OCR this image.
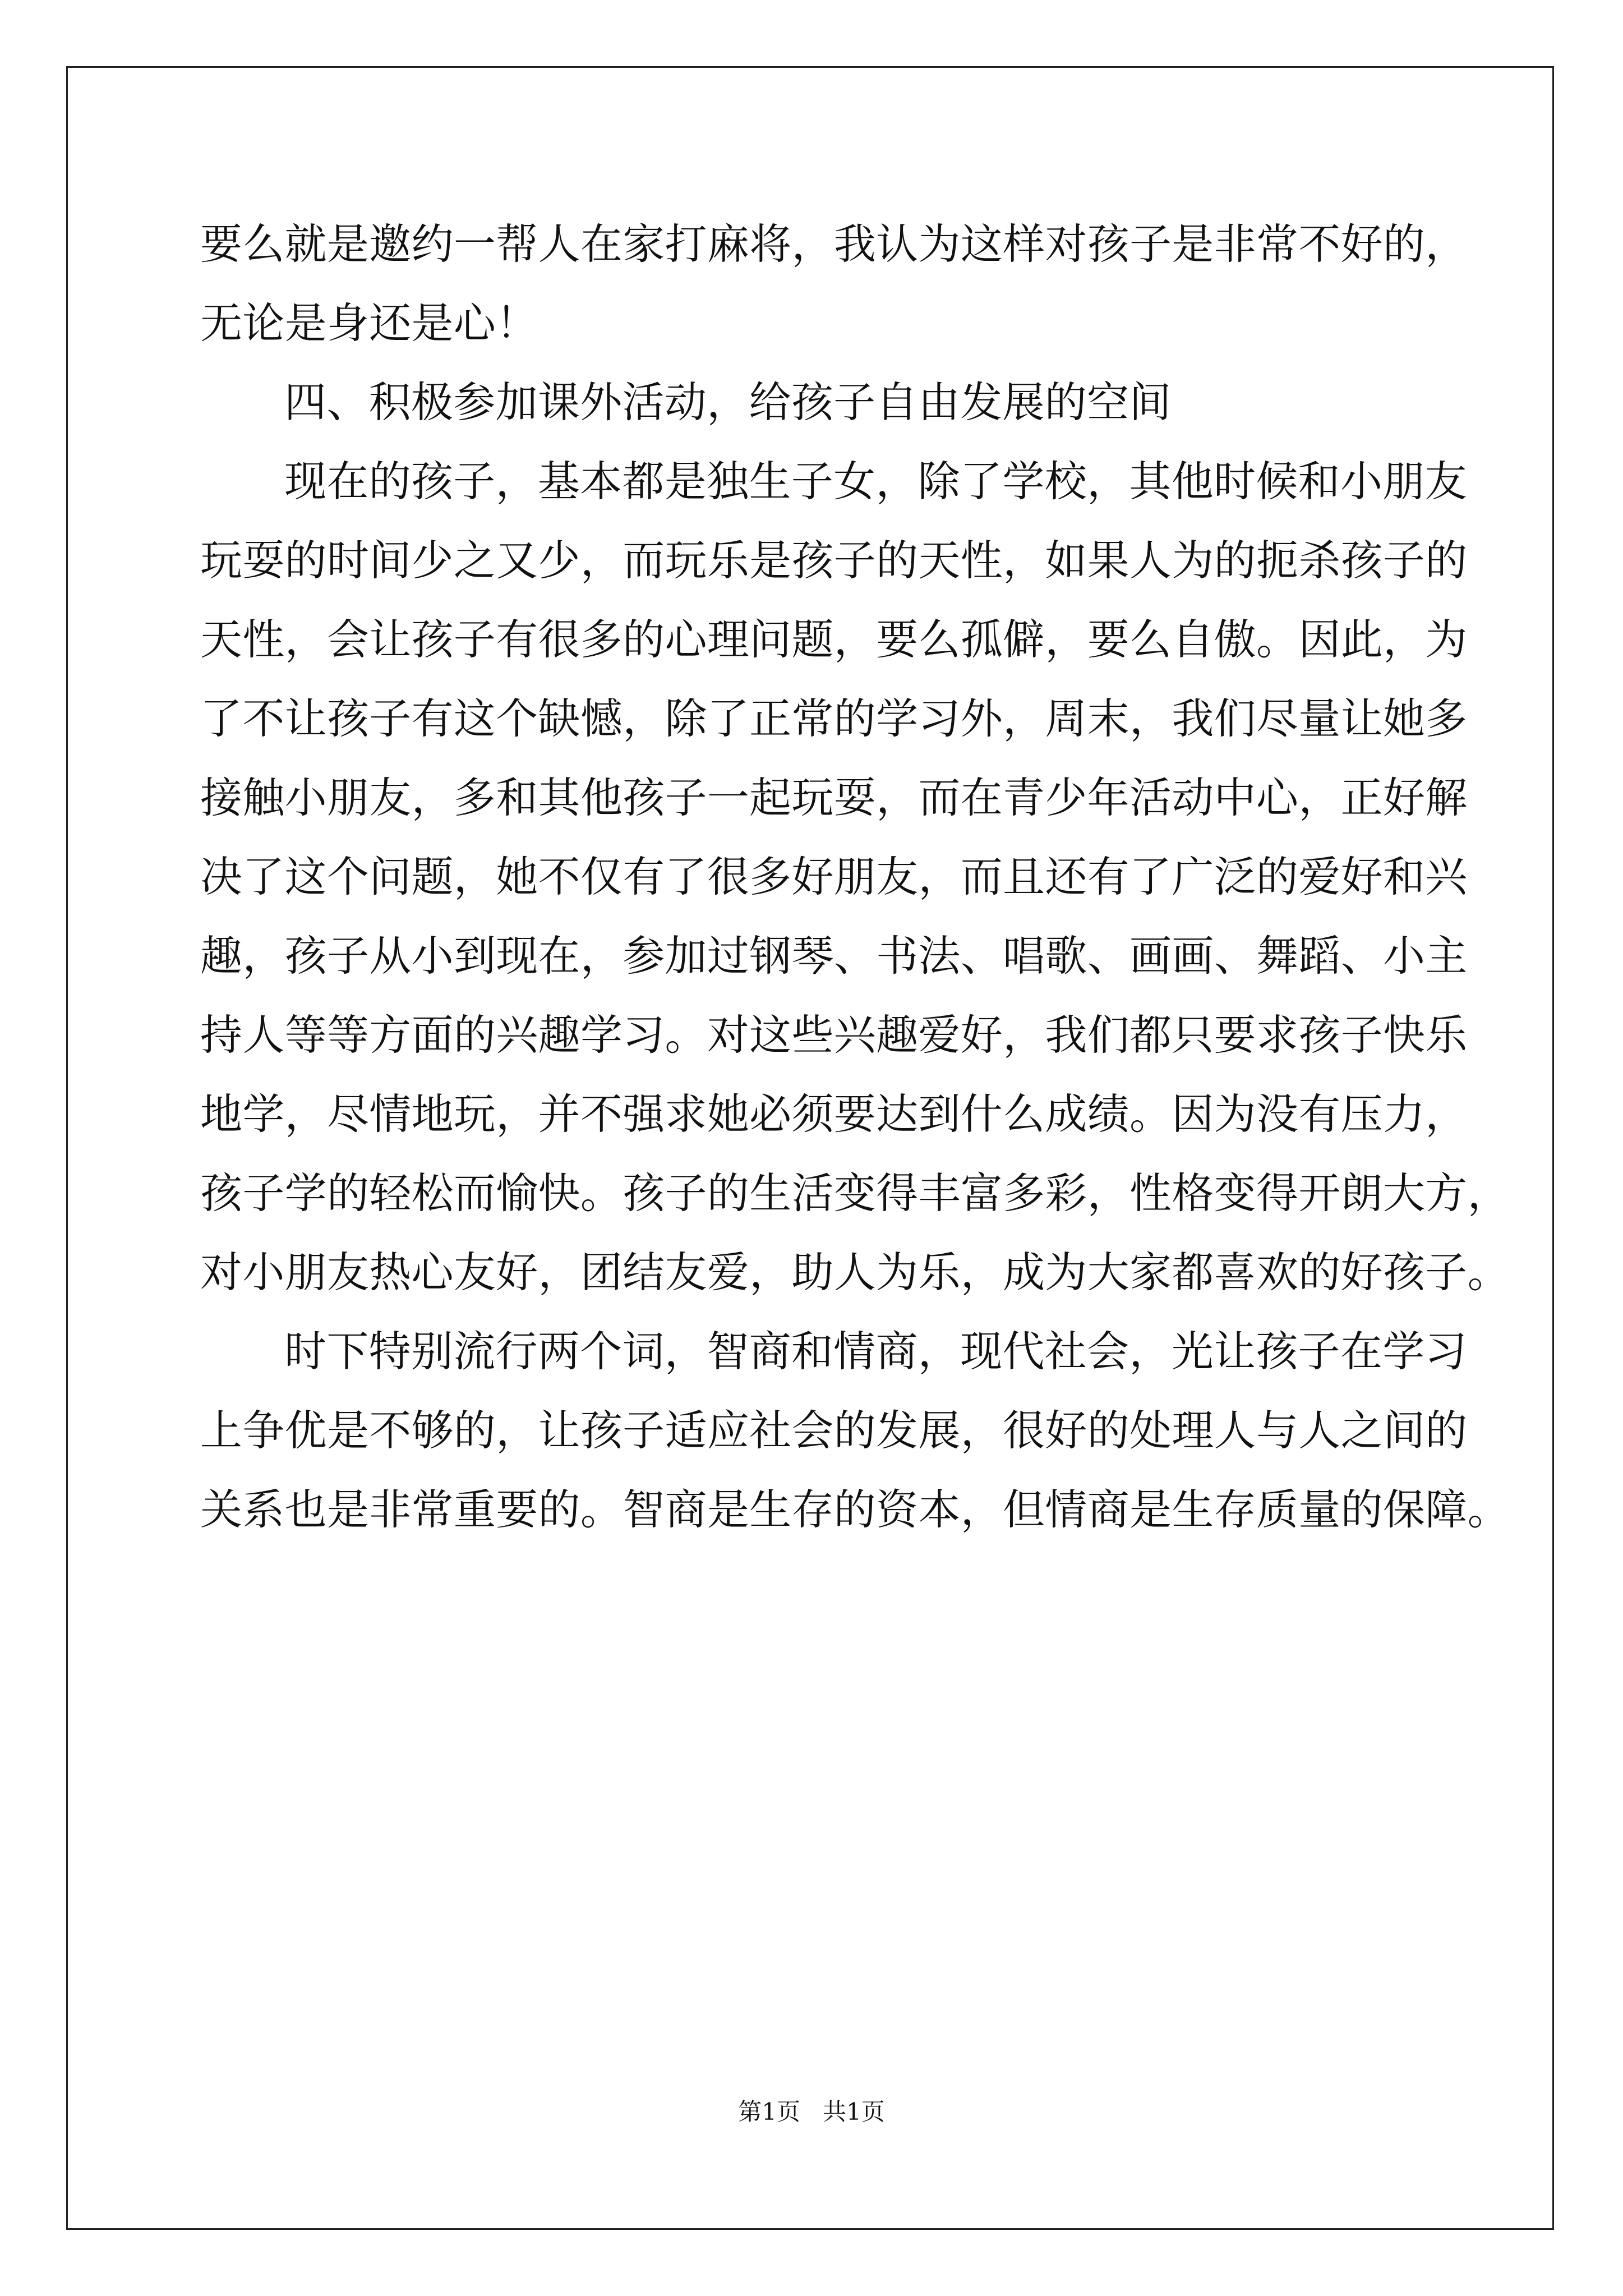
要么就是邀约一帮人在家打麻将，我认为这样对孩子是非常不好的，
无论是身还是心！
四、积极参加课外活动，给孩子自由发展的空间
现在的孩子，基本都是独生子女，除了学校，其他时候和小朋友
玩耍的时间少之又少，而玩乐是孩子的天性，如果人为的扼杀孩子的
天性，会让孩子有很多的心理问题，要么孤僻，要么自傲。因此，为
了不让孩子有这个缺憾，除了正常的学习外，周末，我们尽量让她多
接触小朋友，多和其他孩子一起玩耍，而在青少年活动中心，正好解
决了这个问题，她不仅有了很多好朋友，而且还有了广泛的爱好和兴
趣，孩子从小到现在，参加过钢琴、书法、唱歌、画画、舞蹈、小主
持人等等方面的兴趣学习。对这些兴趣爱好，我们都只要求孩子快乐
地学，尽情地玩，并不强求她必须要达到什么成绩。因为没有压力，
孩子学的轻松而愉快。孩子的生活变得丰富多彩，性格变得开朗大方，
对小朋友热心友好，团结友爱，助人为乐，成为大家都喜欢的好孩子。
时下特别流行两个词，智商和情商，现代社会，光让孩子在学习
上争优是不够的，让孩子适应社会的发展，很好的处理人与人之间的
关系也是非常重要的。智商是生存的资本，但情商是生存质量的保障。
第1页   共1页
